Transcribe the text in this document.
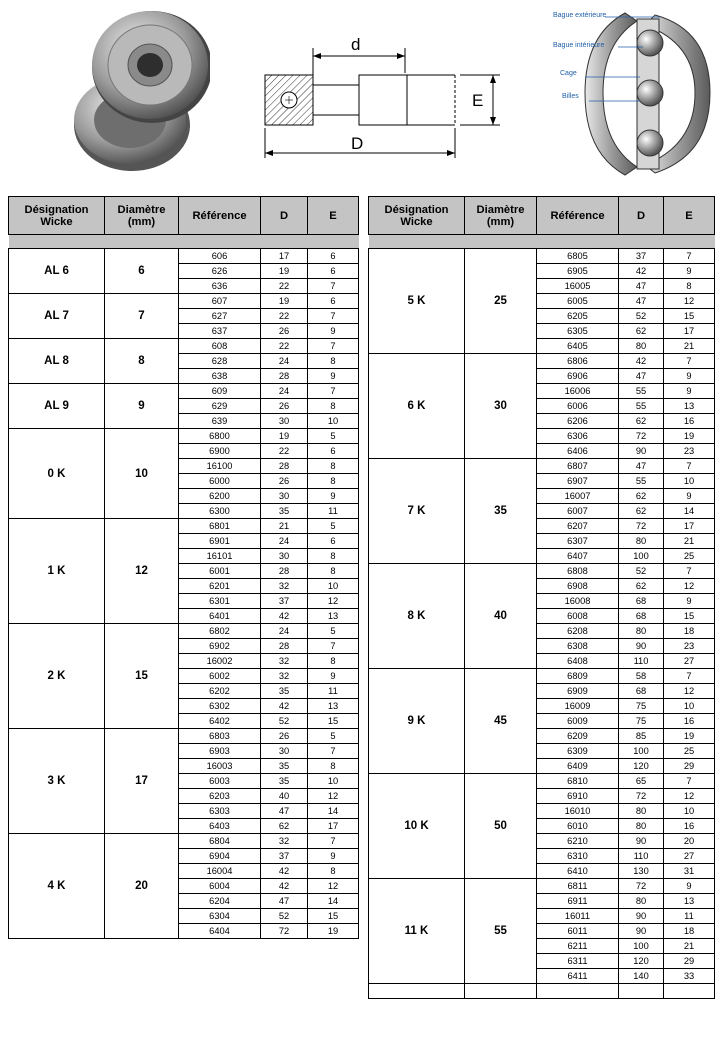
d
D
E
Bague extérieure
Bague intérieure
Cage
Billes
Désignation Wicke	Diamètre (mm)	Référence	D	E

AL 6	6	606	17	6
		626	19	6
		636	22	7
AL 7	7	607	19	6
		627	22	7
		637	26	9
AL 8	8	608	22	7
		628	24	8
		638	28	9
AL 9	9	609	24	7
		629	26	8
		639	30	10
0 K	10	6800	19	5
		6900	22	6
		16100	28	8
		6000	26	8
		6200	30	9
		6300	35	11
1 K	12	6801	21	5
		6901	24	6
		16101	30	8
		6001	28	8
		6201	32	10
		6301	37	12
		6401	42	13
2 K	15	6802	24	5
		6902	28	7
		16002	32	8
		6002	32	9
		6202	35	11
		6302	42	13
		6402	52	15
3 K	17	6803	26	5
		6903	30	7
		16003	35	8
		6003	35	10
		6203	40	12
		6303	47	14
		6403	62	17
4 K	20	6804	32	7
		6904	37	9
		16004	42	8
		6004	42	12
		6204	47	14
		6304	52	15
		6404	72	19
Désignation Wicke	Diamètre (mm)	Référence	D	E

5 K	25	6805	37	7
		6905	42	9
		16005	47	8
		6005	47	12
		6205	52	15
		6305	62	17
		6405	80	21
6 K	30	6806	42	7
		6906	47	9
		16006	55	9
		6006	55	13
		6206	62	16
		6306	72	19
		6406	90	23
7 K	35	6807	47	7
		6907	55	10
		16007	62	9
		6007	62	14
		6207	72	17
		6307	80	21
		6407	100	25
8 K	40	6808	52	7
		6908	62	12
		16008	68	9
		6008	68	15
		6208	80	18
		6308	90	23
		6408	110	27
9 K	45	6809	58	7
		6909	68	12
		16009	75	10
		6009	75	16
		6209	85	19
		6309	100	25
		6409	120	29
10 K	50	6810	65	7
		6910	72	12
		16010	80	10
		6010	80	16
		6210	90	20
		6310	110	27
		6410	130	31
11 K	55	6811	72	9
		6911	80	13
		16011	90	11
		6011	90	18
		6211	100	21
		6311	120	29
		6411	140	33
